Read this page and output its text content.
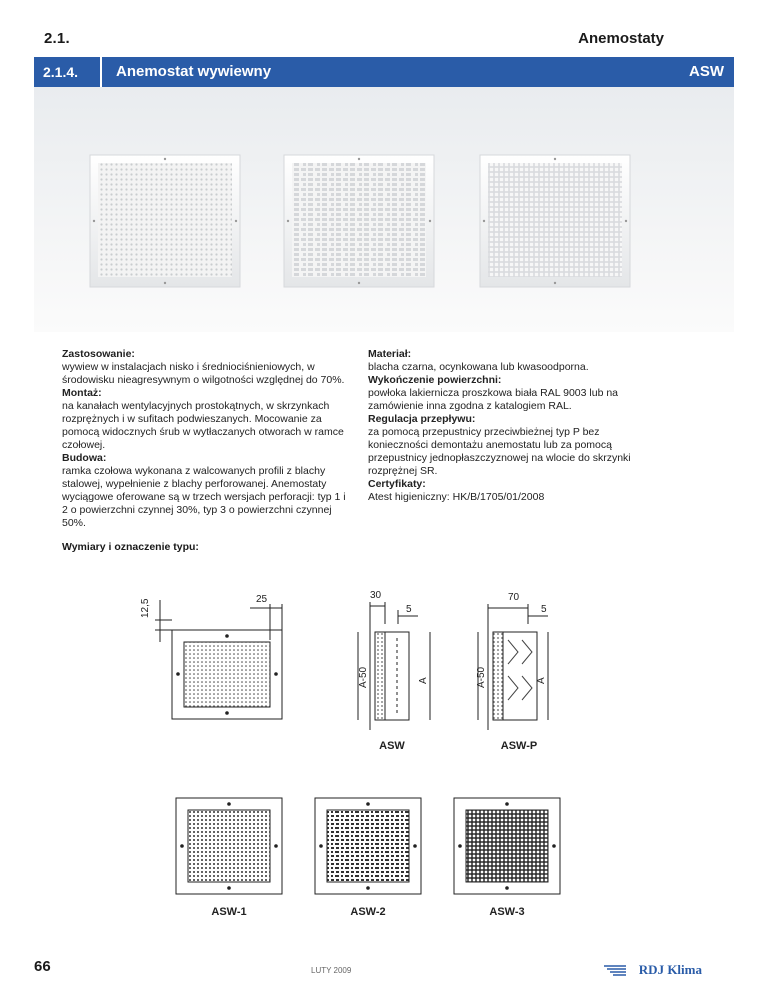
2.1.	Anemostaty
2.1.4.	Anemostat wywiewny	ASW
Zastosowanie:
wywiew w instalacjach nisko i średniociśnieniowych, w środowisku nieagresywnym o wilgotności względnej do 70%.
Montaż:
na kanałach wentylacyjnych prostokątnych, w skrzynkach rozprężnych i w sufitach podwieszanych. Mocowanie za pomocą widocznych śrub w wytłaczanych otworach w ramce czołowej.
Budowa:
ramka czołowa wykonana z walcowanych profili z blachy stalowej, wypełnienie z blachy perforowanej. Anemostaty wyciągowe oferowane są w trzech wersjach perforacji: typ 1 i 2 o powierzchni czynnej 30%, typ 3 o powierzchni czynnej 50%.
Materiał:
blacha czarna, ocynkowana lub kwasoodporna.
Wykończenie powierzchni:
powłoka lakiernicza proszkowa biała RAL 9003 lub na zamówienie inna zgodna z katalogiem RAL.
Regulacja przepływu:
za pomocą przepustnicy przeciwbieżnej typ P bez konieczności demontażu anemostatu lub za pomocą przepustnicy jednopłaszczyznowej na wlocie do skrzynki rozprężnej SR.
Certyfikaty:
Atest higieniczny: HK/B/1705/01/2008
Wymiary i oznaczenie typu:
12,5	25	30
5
70
5
A-50	A	A-50	A
ASW	ASW-P
ASW-1	ASW-2	ASW-3
66	LUTY 2009	RDJ Klima
